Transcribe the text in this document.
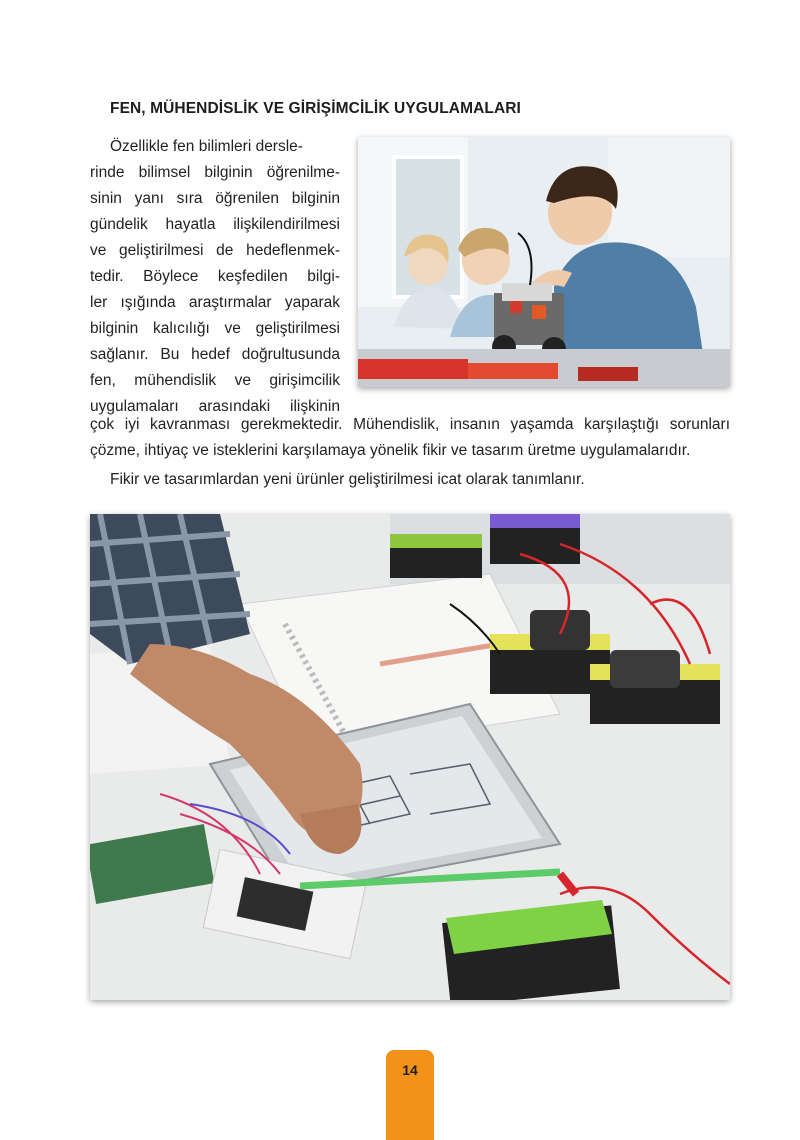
FEN, MÜHENDİSLİK VE GİRİŞİMCİLİK UYGULAMALARI
Özellikle fen bilimleri dersle-
rinde bilimsel bilginin öğrenilme-
sinin yanı sıra öğrenilen bilginin
gündelik hayatla ilişkilendirilmesi
ve geliştirilmesi de hedeflenmek-
tedir. Böylece keşfedilen bilgi-
ler ışığında araştırmalar yaparak
bilginin kalıcılığı ve geliştirilmesi
sağlanır. Bu hedef doğrultusunda
fen, mühendislik ve girişimcilik
uygulamaları arasındaki ilişkinin

çok iyi kavranması gerekmektedir. Mühendislik, insanın yaşamda karşılaştığı sorunları çözme, ihtiyaç ve isteklerini karşılamaya yönelik fikir ve tasarım üretme uygulamalarıdır.

Fikir ve tasarımlardan yeni ürünler geliştirilmesi icat olarak tanımlanır.

14
